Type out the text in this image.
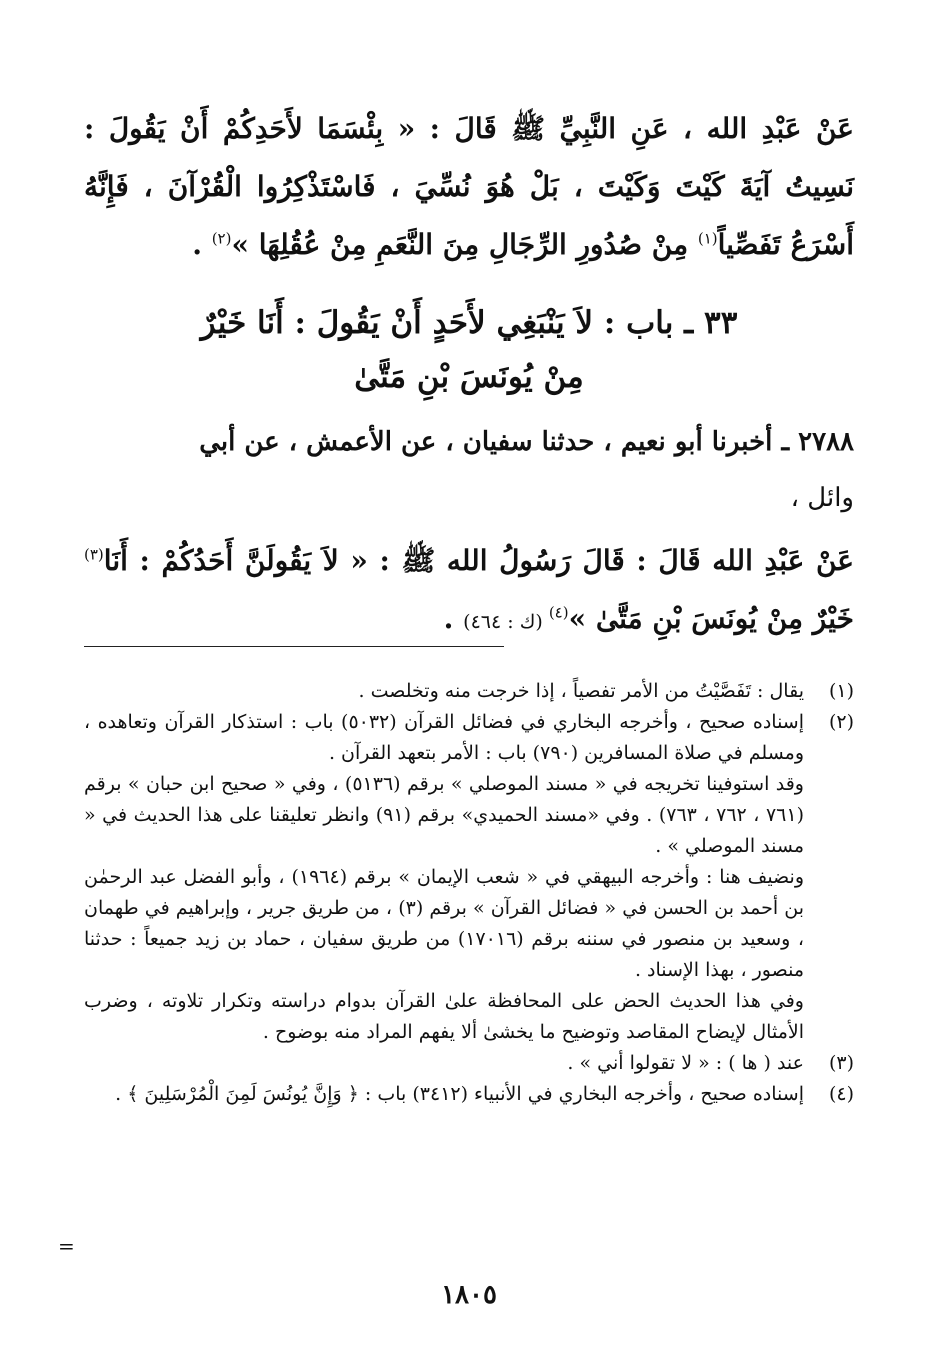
عَنْ عَبْدِ الله ، عَنِ النَّبِيِّ ﷺ قَالَ : « بِئْسَمَا لأَحَدِكُمْ أَنْ يَقُولَ : نَسِيتُ آيَةَ كَيْتَ وَكَيْتَ ، بَلْ هُوَ نُسِّيَ ، فَاسْتَذْكِرُوا الْقُرْآنَ ، فَإِنَّهُ أَسْرَعُ تَفَصِّياً$^{(١)}$ مِنْ صُدُورِ الرِّجَالِ مِنَ النَّعَمِ مِنْ عُقُلِهَا »$^{(٢)}$ .

٣٣ ـ باب : لاَ يَنْبَغِي لأَحَدٍ أَنْ يَقُولَ : أَنَا خَيْرٌ
مِنْ يُونَسَ بْنِ مَتَّىٰ

٢٧٨٨ ـ أخبرنا أبو نعيم ، حدثنا سفيان ، عن الأعمش ، عن أبي

وائل ،

عَنْ عَبْدِ الله قَالَ : قَالَ رَسُولُ الله ﷺ : « لاَ يَقُولَنَّ أَحَدُكُمْ : أَنَا$^{(٣)}$ خَيْرٌ مِنْ يُونَسَ بْنِ مَتَّىٰ »$^{(٤)}$ (ك : ٤٦٤) .

(١)

يقال : تَفَصَّيْتُ من الأمر تفصياً ، إذا خرجت منه وتخلصت .

(٢)

إسناده صحيح ، وأخرجه البخاري في فضائل القرآن (٥٠٣٢) باب : استذكار القرآن وتعاهده ، ومسلم في صلاة المسافرين (٧٩٠) باب : الأمر بتعهد القرآن .

وقد استوفينا تخريجه في « مسند الموصلي » برقم (٥١٣٦) ، وفي « صحيح ابن حبان » برقم (٧٦١ ، ٧٦٢ ، ٧٦٣) . وفي «مسند الحميدي» برقم (٩١) وانظر تعليقنا على هذا الحديث في « مسند الموصلي » .

ونضيف هنا : وأخرجه البيهقي في « شعب الإيمان » برقم (١٩٦٤) ، وأبو الفضل عبد الرحمٰن بن أحمد بن الحسن في « فضائل القرآن » برقم (٣) ، من طريق جرير ، وإبراهيم في طهمان ، وسعيد بن منصور في سننه برقم (١٧٠١٦) من طريق سفيان ، حماد بن زيد جميعاً : حدثنا منصور ، بهذا الإسناد .

وفي هذا الحديث الحض على المحافظة علىٰ القرآن بدوام دراسته وتكرار تلاوته ، وضرب الأمثال لإيضاح المقاصد وتوضيح ما يخشىٰ ألا يفهم المراد منه بوضوح .

(٣)

عند ( ها ) : « لا تقولوا أني » .

(٤)

إسناده صحيح ، وأخرجه البخاري في الأنبياء (٣٤١٢) باب : ﴿ وَإِنَّ يُونُسَ لَمِنَ الْمُرْسَلِينَ ﴾ .

١٨٠٥
=
